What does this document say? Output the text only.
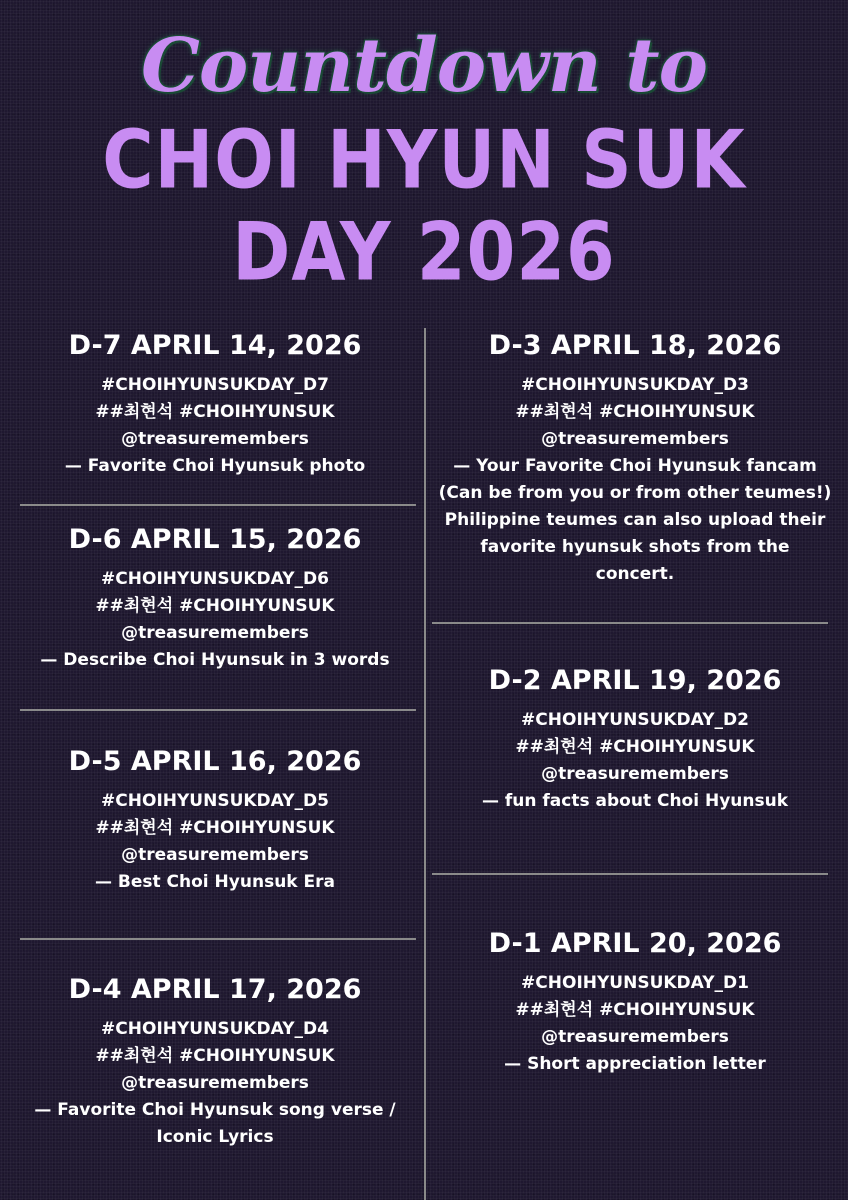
Countdown to
CHOI HYUN SUK
DAY 2026
D-7 APRIL 14, 2026
#CHOIHYUNSUKDAY_D7
##최현석 #CHOIHYUNSUK
@treasuremembers
— Favorite Choi Hyunsuk photo
D-6 APRIL 15, 2026
#CHOIHYUNSUKDAY_D6
##최현석 #CHOIHYUNSUK
@treasuremembers
— Describe Choi Hyunsuk in 3 words
D-5 APRIL 16, 2026
#CHOIHYUNSUKDAY_D5
##최현석 #CHOIHYUNSUK
@treasuremembers
— Best Choi Hyunsuk Era
D-4 APRIL 17, 2026
#CHOIHYUNSUKDAY_D4
##최현석 #CHOIHYUNSUK
@treasuremembers
— Favorite Choi Hyunsuk song verse /
Iconic Lyrics
D-3 APRIL 18, 2026
#CHOIHYUNSUKDAY_D3
##최현석 #CHOIHYUNSUK
@treasuremembers
— Your Favorite Choi Hyunsuk fancam
(Can be from you or from other teumes!)
Philippine teumes can also upload their
favorite hyunsuk shots from the
concert.
D-2 APRIL 19, 2026
#CHOIHYUNSUKDAY_D2
##최현석 #CHOIHYUNSUK
@treasuremembers
— fun facts about Choi Hyunsuk
D-1 APRIL 20, 2026
#CHOIHYUNSUKDAY_D1
##최현석 #CHOIHYUNSUK
@treasuremembers
— Short appreciation letter
